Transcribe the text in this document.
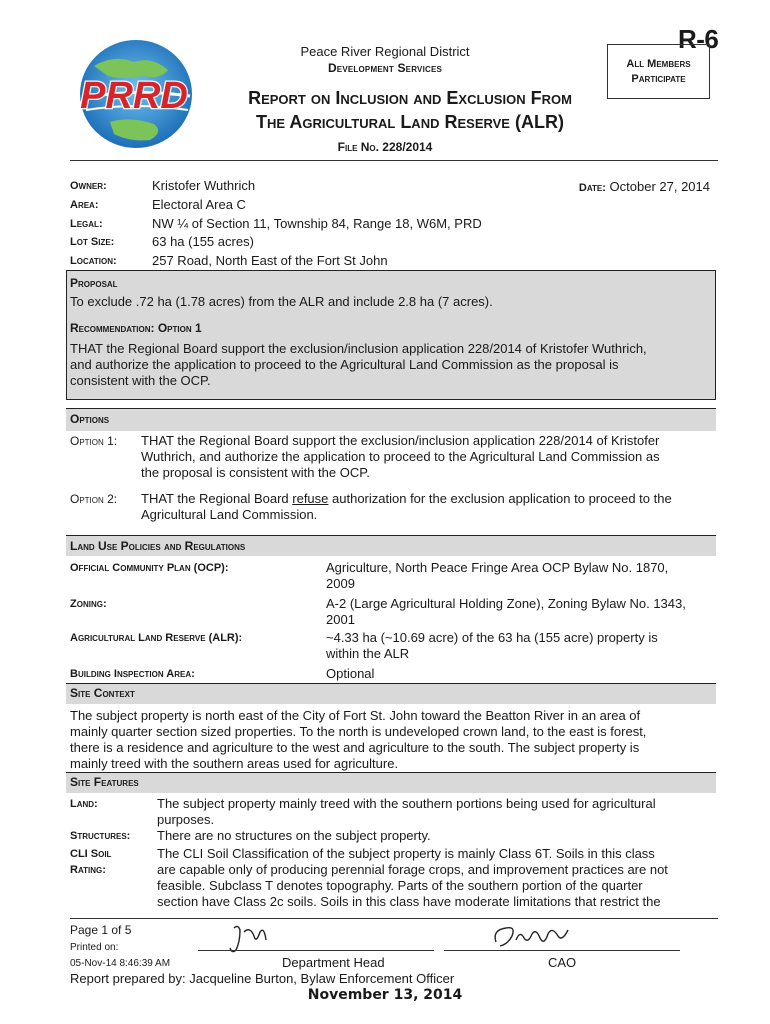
PRRD
Peace River Regional District
Development Services
R-6
All Members Participate
Report on Inclusion and Exclusion From
The Agricultural Land Reserve (ALR)
File No. 228/2014
Owner:	Kristofer Wuthrich
Area:	Electoral Area C
Legal:	NW ¼ of Section 11, Township 84, Range 18, W6M, PRD
Lot Size:	63 ha (155 acres)
Location:	257 Road, North East of the Fort St John
Date: October 27, 2014
Proposal
To exclude .72 ha (1.78 acres) from the ALR and include 2.8 ha (7 acres).
Recommendation: Option 1
THAT the Regional Board support the exclusion/inclusion application 228/2014 of Kristofer Wuthrich,
and authorize the application to proceed to the Agricultural Land Commission as the proposal is
consistent with the OCP.
Options
Option 1: THAT the Regional Board support the exclusion/inclusion application 228/2014 of Kristofer
Wuthrich, and authorize the application to proceed to the Agricultural Land Commission as
the proposal is consistent with the OCP.
Option 2: THAT the Regional Board refuse authorization for the exclusion application to proceed to the
Agricultural Land Commission.
Land Use Policies and Regulations
Official Community Plan (OCP):	Agriculture, North Peace Fringe Area OCP Bylaw No. 1870,
2009
Zoning:	A-2 (Large Agricultural Holding Zone), Zoning Bylaw No. 1343,
2001
Agricultural Land Reserve (ALR):	~4.33 ha (~10.69 acre) of the 63 ha (155 acre) property is
within the ALR
Building Inspection Area:	Optional
Site Context
The subject property is north east of the City of Fort St. John toward the Beatton River in an area of
mainly quarter section sized properties. To the north is undeveloped crown land, to the east is forest,
there is a residence and agriculture to the west and agriculture to the south. The subject property is
mainly treed with the southern areas used for agriculture.
Site Features
Land:	The subject property mainly treed with the southern portions being used for agricultural
purposes.
Structures: There are no structures on the subject property.
CLI Soil
Rating:
The CLI Soil Classification of the subject property is mainly Class 6T. Soils in this class
are capable only of producing perennial forage crops, and improvement practices are not
feasible. Subclass T denotes topography. Parts of the southern portion of the quarter
section have Class 2c soils. Soils in this class have moderate limitations that restrict the
Page 1 of 5
Printed on:
05-Nov-14 8:46:39 AM	Department Head	CAO
Report prepared by: Jacqueline Burton, Bylaw Enforcement Officer
November 13, 2014
